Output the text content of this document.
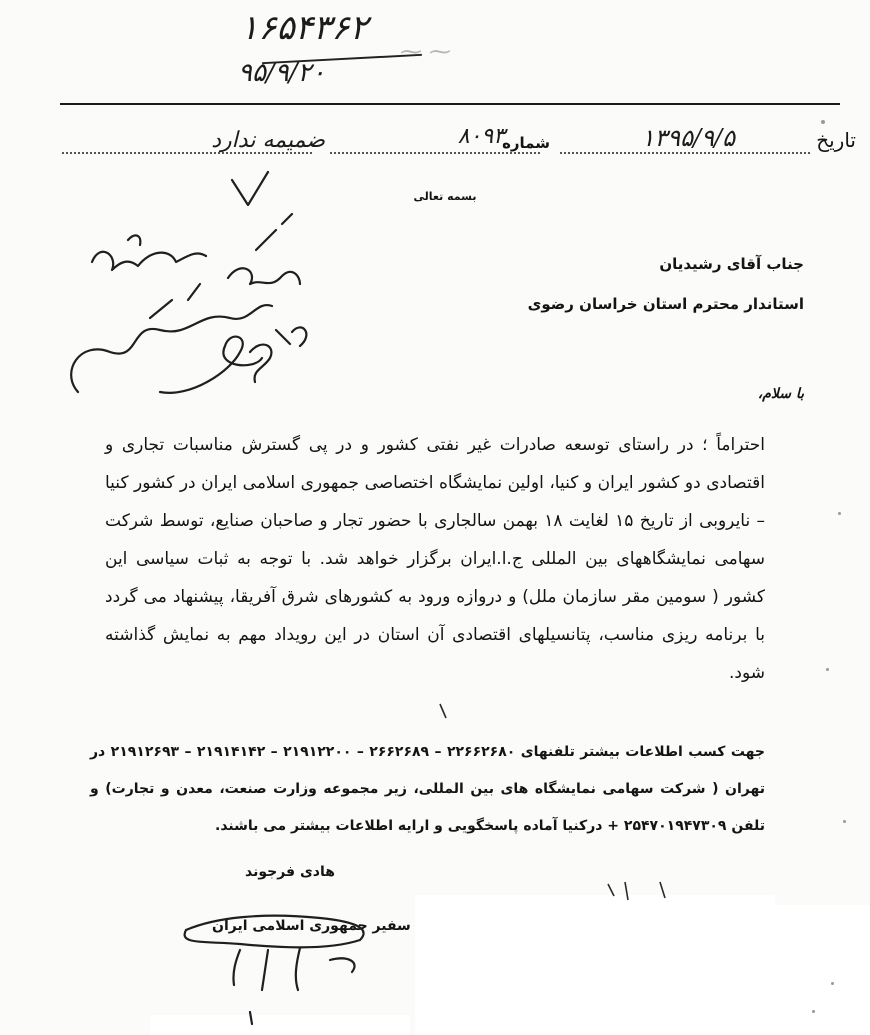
۱۶۵۴۳۶۲
۹۵/۹/۲۰
⁓ ⁓
تاریخ
۱۳۹۵/۹/۵
شماره
۸۰۹۳
ضمیمه ندارد
بسمه تعالی
جناب آقای رشیدیان
استاندار محترم استان خراسان رضوی
با سلام،
احتراماً ؛ در راستای توسعه صادرات غیر نفتی کشور و در پی گسترش مناسبات تجاری و اقتصادی دو کشور ایران و کنیا، اولین نمایشگاه اختصاصی جمهوری اسلامی ایران در کشور کنیا – نایروبی از تاریخ ۱۵ لغایت ۱۸ بهمن سالجاری با حضور تجار و صاحبان صنایع، توسط شرکت سهامی نمایشگاههای بین المللی ج.ا.ایران برگزار خواهد شد. با توجه به ثبات سیاسی این کشور ( سومین مقر سازمان ملل) و دروازه ورود به کشورهای شرق آفریقا، پیشنهاد می گردد با برنامه ریزی مناسب، پتانسیلهای اقتصادی آن استان در این رویداد مهم به نمایش گذاشته شود.
جهت کسب اطلاعات بیشتر تلفنهای ۲۲۶۶۲۶۸۰ – ۲۶۶۲۶۸۹ – ۲۱۹۱۲۲۰۰ – ۲۱۹۱۴۱۴۲ – ۲۱۹۱۲۶۹۳ در تهران ( شرکت سهامی نمایشگاه های بین المللی، زیر مجموعه وزارت صنعت، معدن و تجارت) و تلفن ۲۵۴۷۰۱۹۴۷۳۰۹ + درکنیا آماده پاسخگویی و ارایه اطلاعات بیشتر می باشند.
هادی فرجوند
سفیر جمهوری اسلامی ایران
